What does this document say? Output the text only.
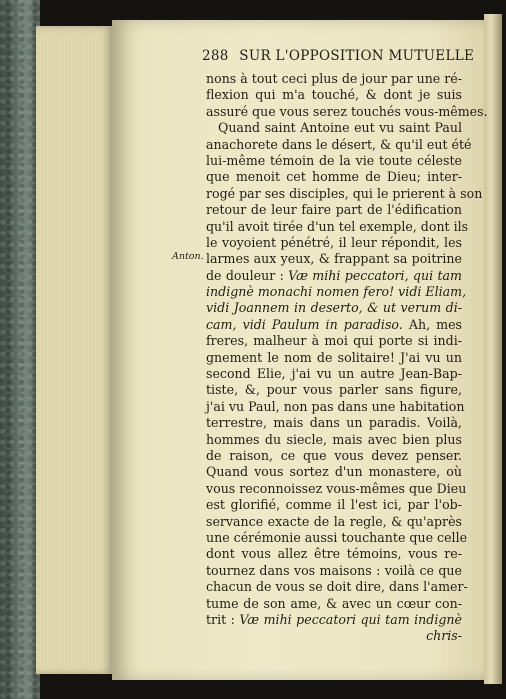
288 SUR L'OPPOSITION MUTUELLE
Anton.
nons à tout ceci plus de jour par une ré-
flexion qui m'a touché, & dont je suis
assuré que vous serez touchés vous-mêmes.
Quand saint Antoine eut vu saint Paul
anachorete dans le désert, & qu'il eut été
lui-même témoin de la vie toute céleste
que menoit cet homme de Dieu; inter-
rogé par ses disciples, qui le prierent à son
retour de leur faire part de l'édification
qu'il avoit tirée d'un tel exemple, dont ils
le voyoient pénétré, il leur répondit, les
larmes aux yeux, & frappant sa poitrine
de douleur : Væ mihi peccatori, qui tam
indignè monachi nomen fero! vidi Eliam,
vidi Joannem in deserto, & ut verum di-
cam, vidi Paulum in paradiso. Ah, mes
freres, malheur à moi qui porte si indi-
gnement le nom de solitaire! J'ai vu un
second Elie, j'ai vu un autre Jean-Bap-
tiste, &, pour vous parler sans figure,
j'ai vu Paul, non pas dans une habitation
terrestre, mais dans un paradis. Voilà,
hommes du siecle, mais avec bien plus
de raison, ce que vous devez penser.
Quand vous sortez d'un monastere, où
vous reconnoissez vous-mêmes que Dieu
est glorifié, comme il l'est ici, par l'ob-
servance exacte de la regle, & qu'après
une cérémonie aussi touchante que celle
dont vous allez être témoins, vous re-
tournez dans vos maisons : voilà ce que
chacun de vous se doit dire, dans l'amer-
tume de son ame, & avec un cœur con-
trit : Væ mihi peccatori qui tam indignè
chris-
